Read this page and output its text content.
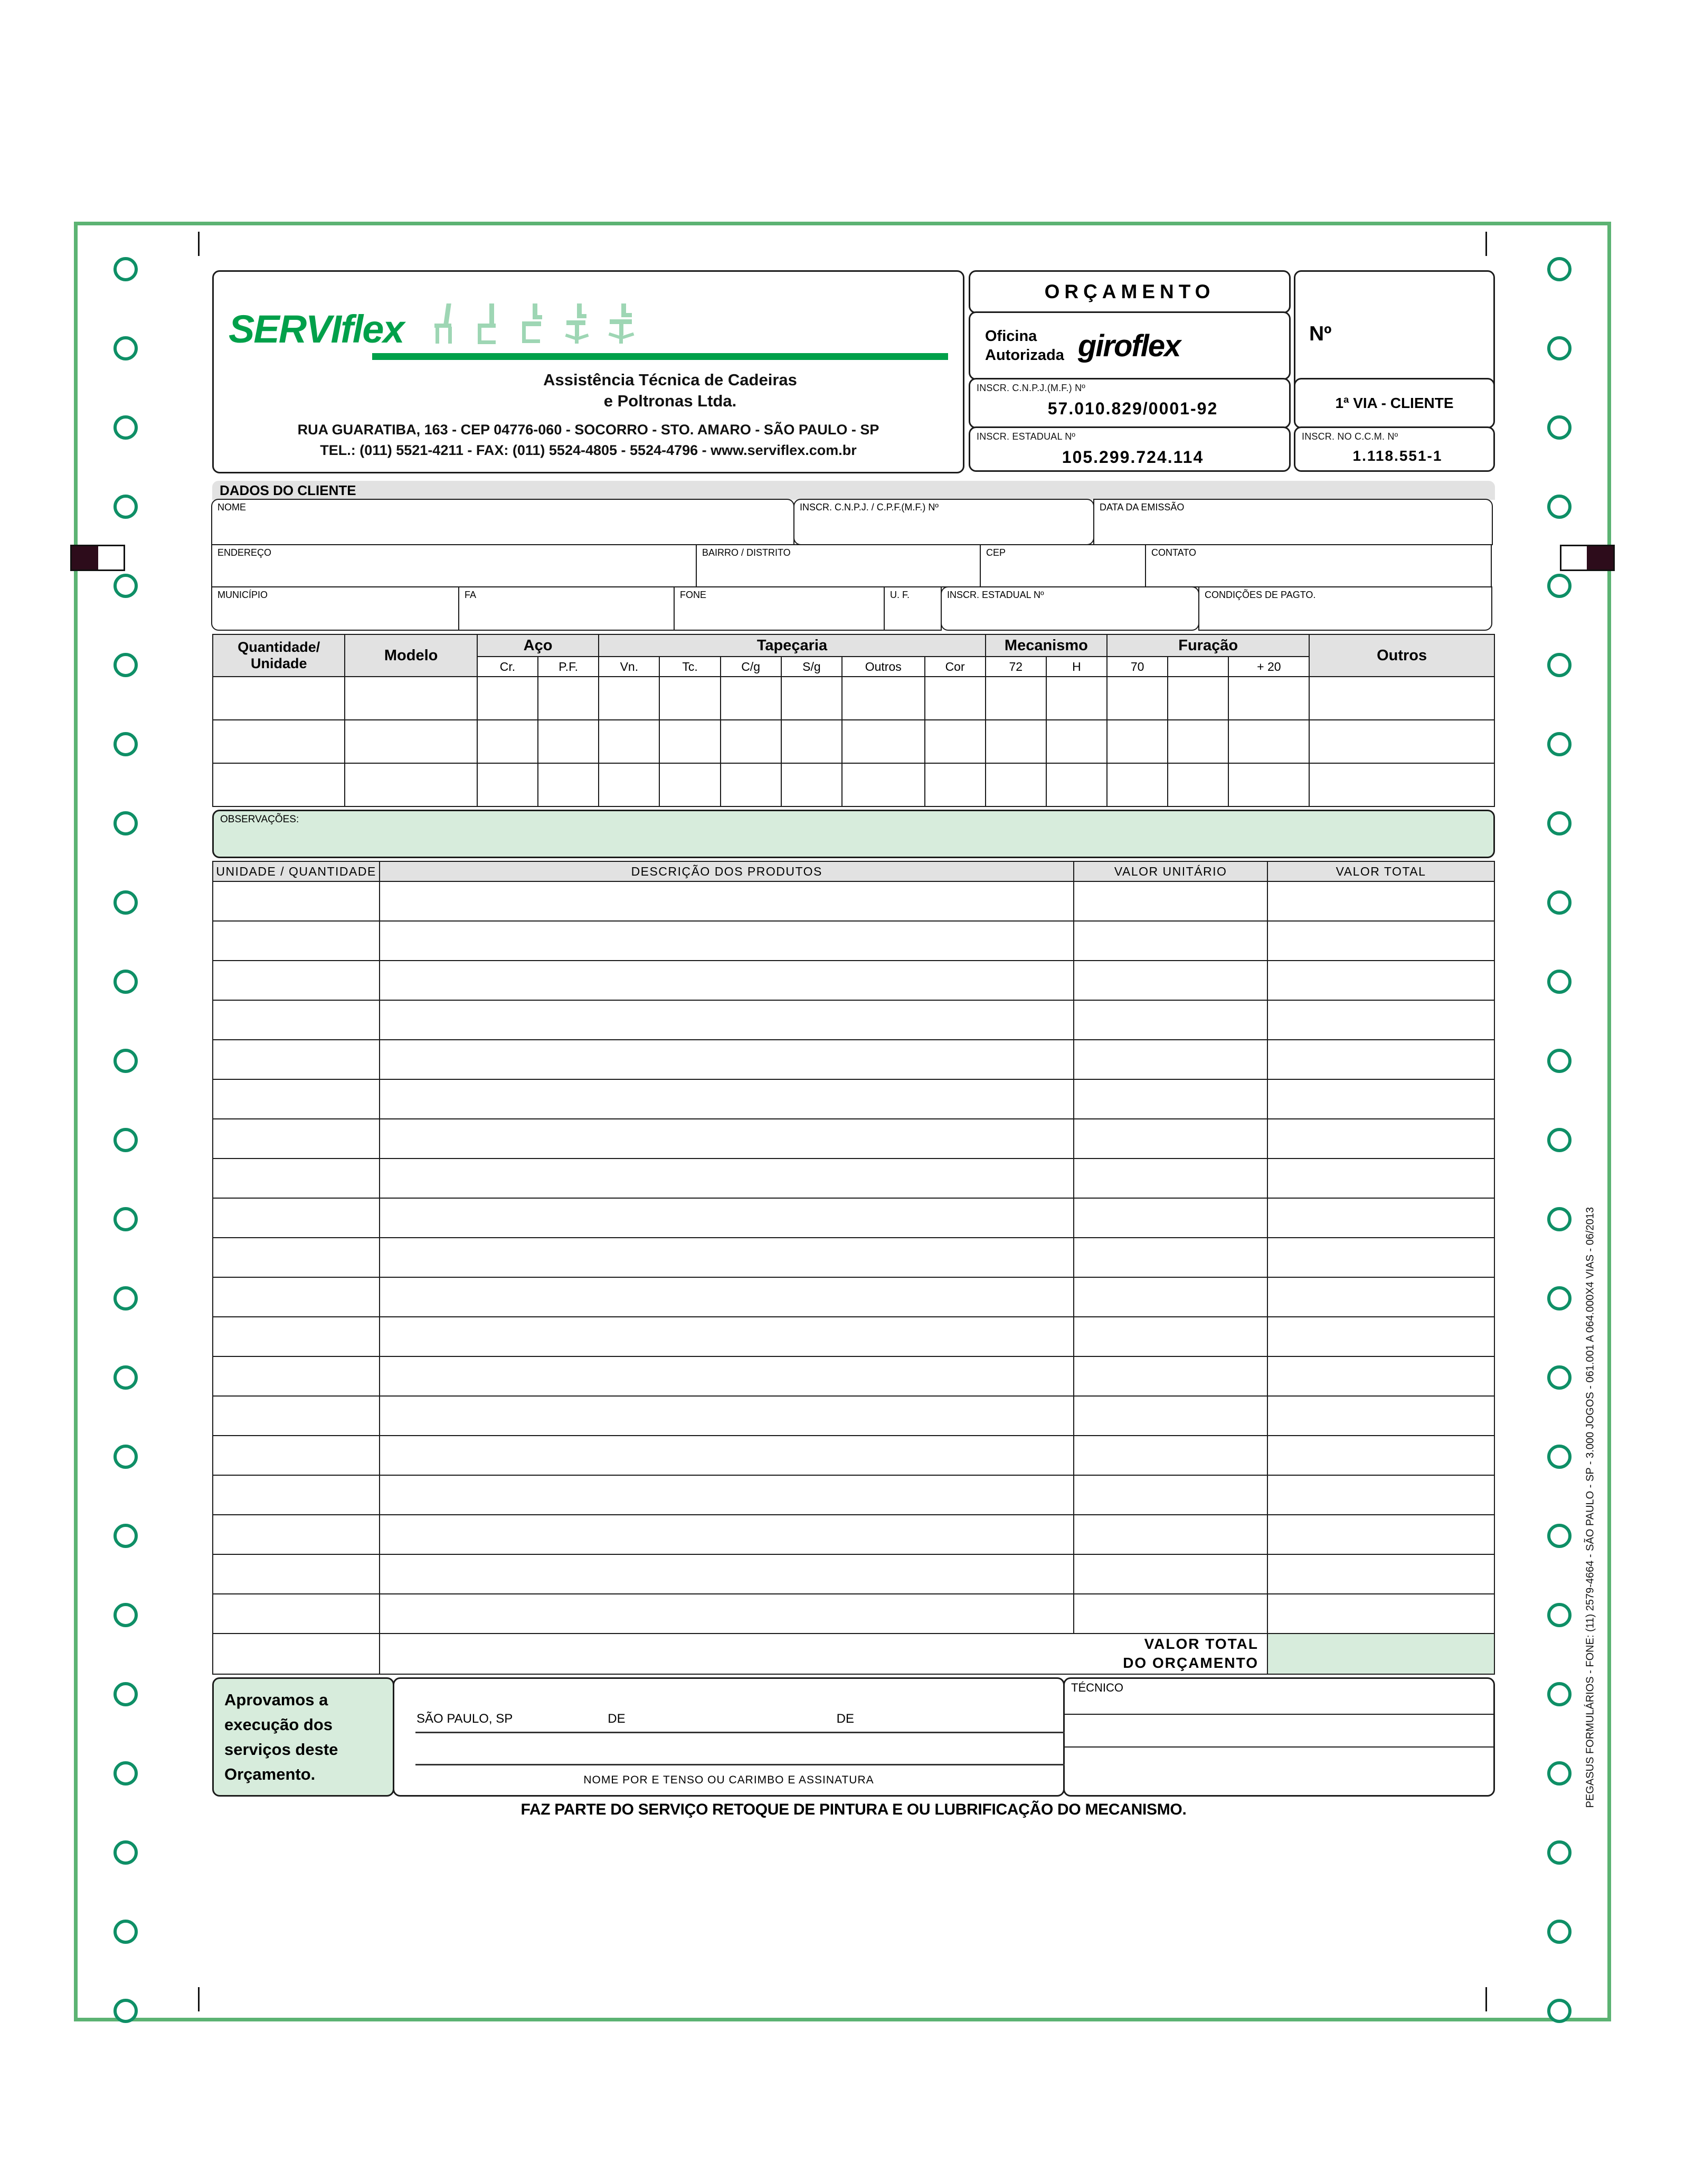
PEGASUS FORMULÁRIOS - FONE: (11) 2579-4664 - SÃO PAULO - SP - 3.000 JOGOS - 061.001 A 064.000X4 VIAS - 06/2013
SERVIflex
Assistência Técnica de Cadeiras
e Poltronas Ltda.
RUA GUARATIBA, 163 - CEP 04776-060 - SOCORRO - STO. AMARO - SÃO PAULO - SP
TEL.: (011) 5521-4211 - FAX: (011) 5524-4805 - 5524-4796 - www.serviflex.com.br
ORÇAMENTO
Oficina
Autorizada giroflex
INSCR. C.N.P.J.(M.F.) Nº
57.010.829/0001-92
INSCR. ESTADUAL Nº
105.299.724.114
Nº
1ª VIA - CLIENTE
INSCR. NO C.C.M. Nº
1.118.551-1
DADOS DO CLIENTE
NOME	INSCR. C.N.P.J. / C.P.F.(M.F.) Nº	DATA DA EMISSÃO
ENDEREÇO	BAIRRO / DISTRITO	CEP	CONTATO
MUNICÍPIO	FA	FONE	U. F.	INSCR. ESTADUAL Nº	CONDIÇÕES DE PAGTO.
Quantidade/
Unidade	Modelo	Aço		Tapeçaria						Mecanismo		Furação			Outros
		Cr.	P.F.	Vn.	Tc.	C/g	S/g	Outros	Cor	72	H	70		+ 20	

OBSERVAÇÕES:
UNIDADE / QUANTIDADE	DESCRIÇÃO DOS PRODUTOS	VALOR UNITÁRIO	VALOR TOTAL

	VALOR TOTAL
DO ORÇAMENTO		

Aprovamos a

execução dos

serviços deste

Orçamento.

SÃO PAULO, SP	DE	DE
NOME POR E TENSO OU CARIMBO E ASSINATURA
TÉCNICO
FAZ PARTE DO SERVIÇO RETOQUE DE PINTURA E OU LUBRIFICAÇÃO DO MECANISMO.
